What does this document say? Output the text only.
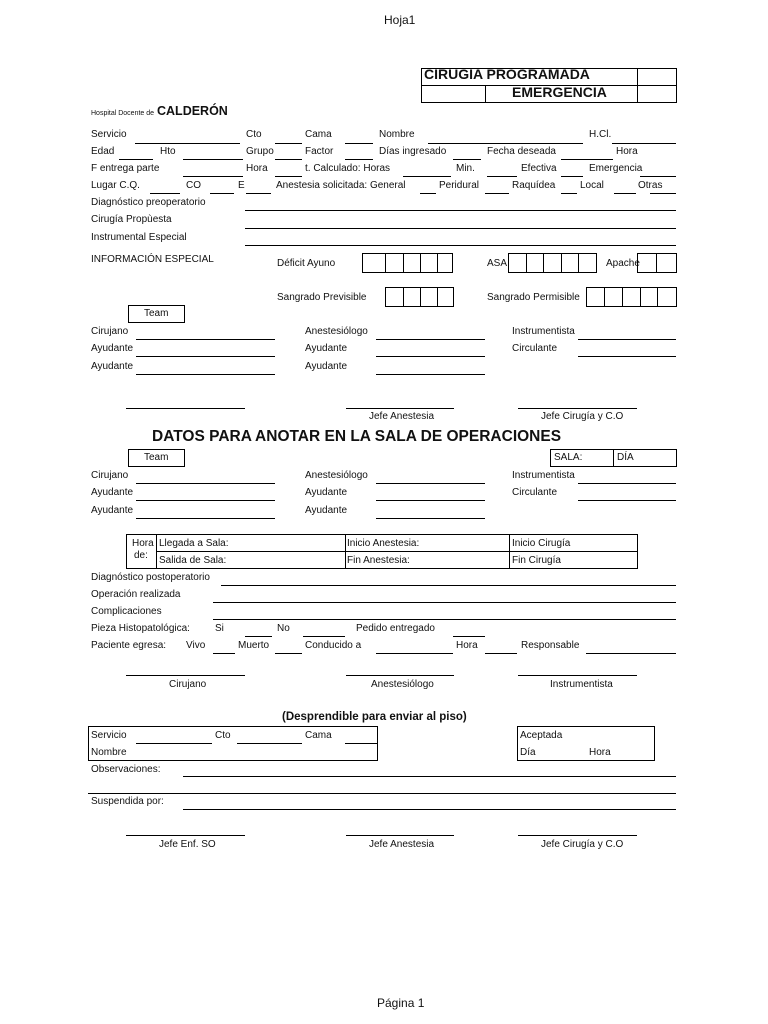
Hoja1
Página 1
CIRUGIA PROGRAMADA
EMERGENCIA
Hospital Docente de CALDERÓN
Servicio	Cto	Cama	Nombre	H.Cl.
Edad	Hto	Grupo	Factor	Días ingresado	Fecha deseada	Hora
F entrega parte	Hora	t. Calculado: Horas	Min.	Efectiva	Emergencia
Lugar C.Q.	CO	E	Anestesia solicitada: General	Peridural	Raquídea Local	Otras
Diagnóstico preoperatorio
Cirugía Propùesta
Instrumental Especial
INFORMACIÓN ESPECIAL	Déficit Ayuno	ASA	Apache
Sangrado Previsible	Sangrado Permisible
Team
Cirujano	Anestesiólogo	Instrumentista
Ayudante	Ayudante	Circulante
Ayudante	Ayudante
Jefe Anestesia	Jefe Cirugía y C.O
DATOS PARA ANOTAR EN LA SALA DE OPERACIONES
Team	SALA:	DÍA
Cirujano	Anestesiólogo	Instrumentista
Ayudante	Ayudante	Circulante
Ayudante	Ayudante
Hora
de:
Llegada a Sala:	Inicio Anestesia:	Inicio Cirugía
Salida de Sala:	Fin Anestesia:	Fin Cirugía
Diagnóstico postoperatorio
Operación realizada
Complicaciones
Pieza Histopatológica:	Si	No	Pedido entregado
Paciente egresa: Vivo	Muerto	Conducido a	Hora	Responsable
Cirujano	Anestesiólogo	Instrumentista
(Desprendible para enviar al piso)
Servicio	Cto	Cama
Nombre
Aceptada
Día	Hora
Observaciones:
Suspendida por:
Jefe Enf. SO	Jefe Anestesia	Jefe Cirugía y C.O
